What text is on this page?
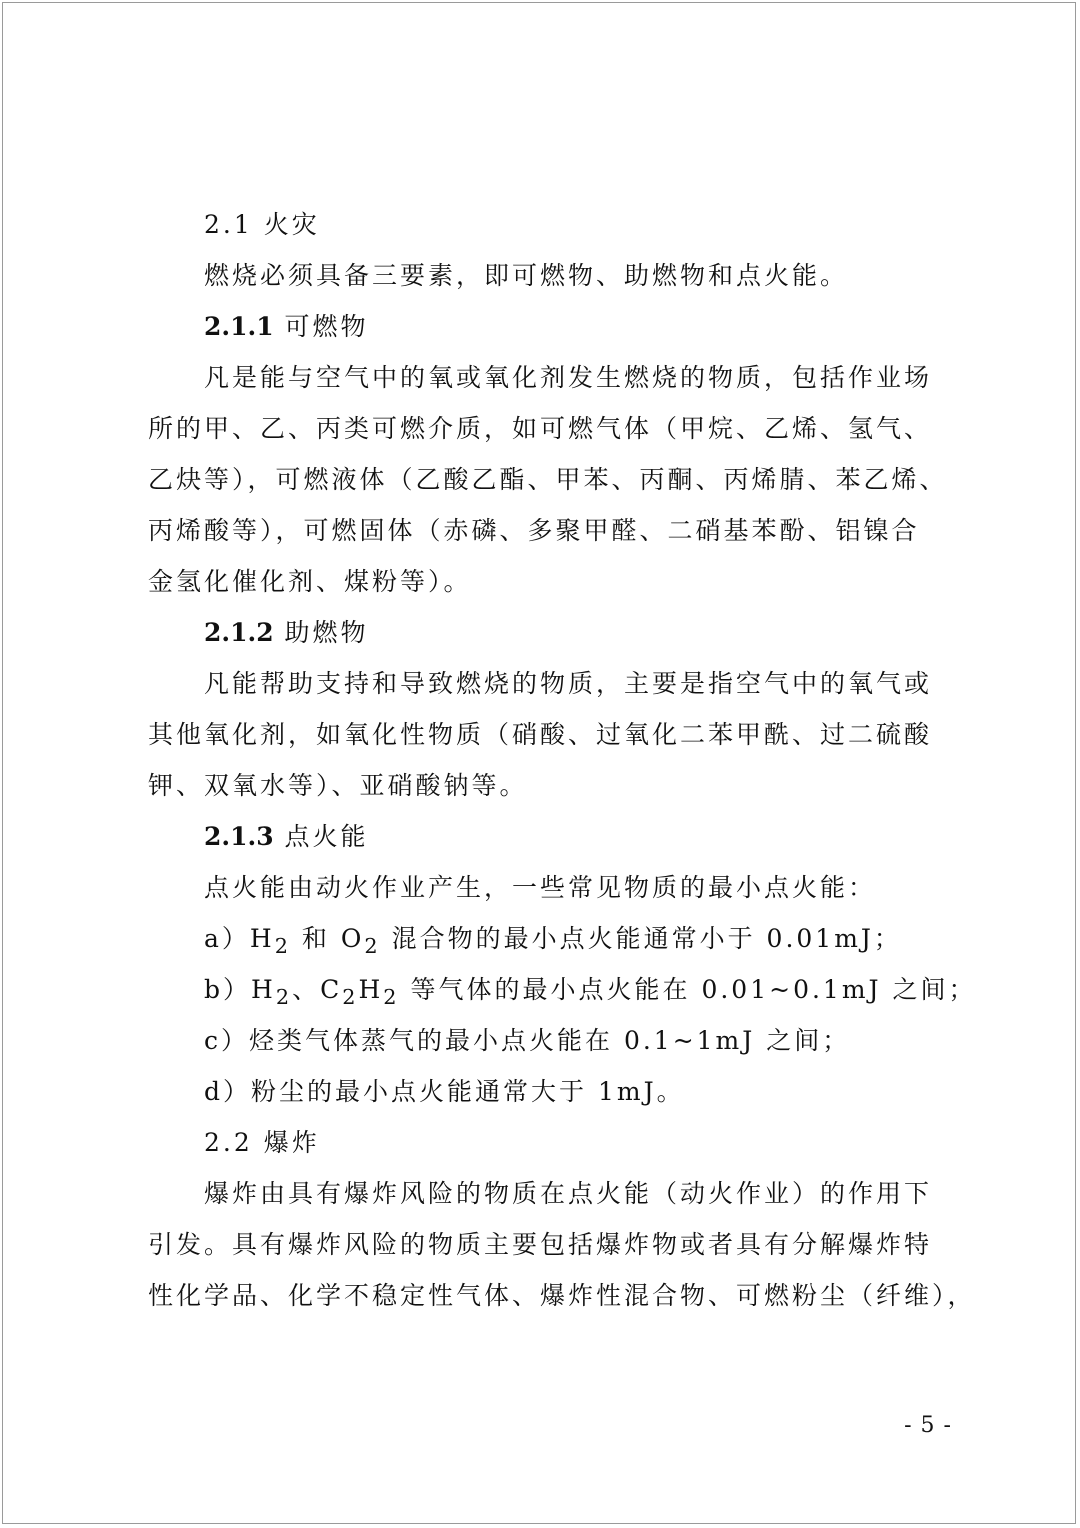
2.1 火灾
燃烧必须具备三要素，即可燃物、助燃物和点火能。
2.1.1 可燃物
凡是能与空气中的氧或氧化剂发生燃烧的物质，包括作业场
所的甲、乙、丙类可燃介质，如可燃气体（甲烷、乙烯、氢气、
乙炔等），可燃液体（乙酸乙酯、甲苯、丙酮、丙烯腈、苯乙烯、
丙烯酸等），可燃固体（赤磷、多聚甲醛、二硝基苯酚、铝镍合
金氢化催化剂、煤粉等）。
2.1.2 助燃物
凡能帮助支持和导致燃烧的物质，主要是指空气中的氧气或
其他氧化剂，如氧化性物质（硝酸、过氧化二苯甲酰、过二硫酸
钾、双氧水等）、亚硝酸钠等。
2.1.3 点火能
点火能由动火作业产生，一些常见物质的最小点火能：
$a)H_2$ 和 $O_2$ 混合物的最小点火能通常小于 0.01mJ；
$b)H_2$、$C_2H_2$ 等气体的最小点火能在 0.01~0.1mJ 之间；
c）烃类气体蒸气的最小点火能在 0.1~1mJ 之间；
d）粉尘的最小点火能通常大于 1mJ。
2.2 爆炸
爆炸由具有爆炸风险的物质在点火能（动火作业）的作用下
引发。具有爆炸风险的物质主要包括爆炸物或者具有分解爆炸特
性化学品、化学不稳定性气体、爆炸性混合物、可燃粉尘（纤维），
- 5 -
